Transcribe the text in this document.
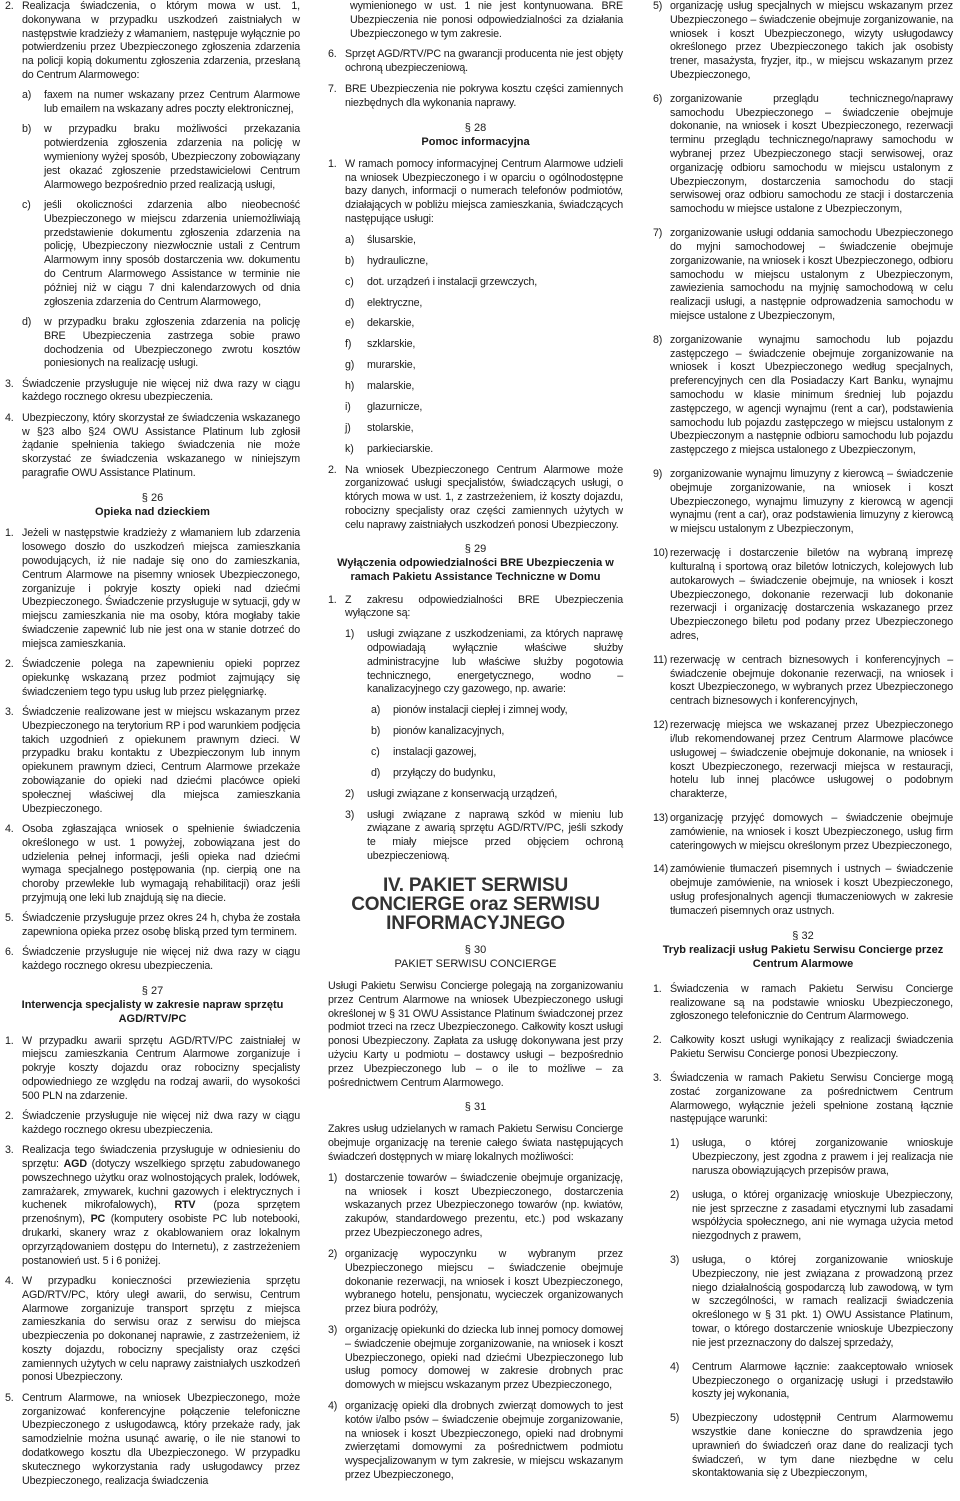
2. Realizacja świadczenia, o którym mowa w ust. 1, dokonywana w przypadku uszkodzeń zaistniałych w następstwie kradzieży z włamaniem, następuje wyłącznie po potwierdzeniu przez Ubezpieczonego zgłoszenia zdarzenia na policji kopią dokumentu zgłoszenia zdarzenia, przesłaną do Centrum Alarmowego:
a)	faxem na numer wskazany przez Centrum Alarmowe lub emailem na wskazany adres poczty elektronicznej,
b)	w przypadku braku możliwości przekazania potwierdzenia zgłoszenia zdarzenia na policję w wymieniony wyżej sposób, Ubezpieczony zobowiązany jest okazać zgłoszenie przedstawicielowi Centrum Alarmowego bezpośrednio przed realizacją usługi,
c)	jeśli okoliczności zdarzenia albo nieobecność Ubezpieczonego w miejscu zdarzenia uniemożliwiają przedstawienie dokumentu zgłoszenia zdarzenia na policję, Ubezpieczony niezwłocznie ustali z Centrum Alarmowym inny sposób dostarczenia ww. dokumentu do Centrum Alarmowego Assistance w terminie nie później niż w ciągu 7 dni kalendarzowych od dnia zgłoszenia zdarzenia do Centrum Alarmowego,
d)	w przypadku braku zgłoszenia zdarzenia na policję BRE Ubezpieczenia zastrzega sobie prawo dochodzenia od Ubezpieczonego zwrotu kosztów poniesionych na realizację usługi.
3. Świadczenie przysługuje nie więcej niż dwa razy w ciągu każdego rocznego okresu ubezpieczenia.
4. Ubezpieczony, który skorzystał ze świadczenia wskazanego w §23 albo §24 OWU Assistance Platinum lub zgłosił żądanie spełnienia takiego świadczenia nie może skorzystać ze świadczenia wskazanego w niniejszym paragrafie OWU Assistance Platinum.
§ 26
Opieka nad dzieckiem
1. Jeżeli w następstwie kradzieży z włamaniem lub zdarzenia losowego doszło do uszkodzeń miejsca zamieszkania powodujących, iż nie nadaje się ono do zamieszkania, Centrum Alarmowe na pisemny wniosek Ubezpieczonego, zorganizuje i pokryje koszty opieki nad dziećmi Ubezpieczonego. Świadczenie przysługuje w sytuacji, gdy w miejscu zamieszkania nie ma osoby, która mogłaby takie świadczenie zapewnić lub nie jest ona w stanie dotrzeć do miejsca zamieszkania.
2. Świadczenie polega na zapewnieniu opieki poprzez opiekunkę wskazaną przez podmiot zajmujący się świadczeniem tego typu usług lub przez pielęgniarkę.
3. Świadczenie realizowane jest w miejscu wskazanym przez Ubezpieczonego na terytorium RP i pod warunkiem podjęcia takich uzgodnień z opiekunem prawnym dzieci. W przypadku braku kontaktu z Ubezpieczonym lub innym opiekunem prawnym dzieci, Centrum Alarmowe przekaże zobowiązanie do opieki nad dziećmi placówce opieki społecznej właściwej dla miejsca zamieszkania Ubezpieczonego.
4. Osoba zgłaszająca wniosek o spełnienie świadczenia określonego w ust. 1 powyżej, zobowiązana jest do udzielenia pełnej informacji, jeśli opieka nad dziećmi wymaga specjalnego postępowania (np. cierpią one na choroby przewlekłe lub wymagają rehabilitacji) oraz jeśli przyjmują one leki lub znajdują się na diecie.
5. Świadczenie przysługuje przez okres 24 h, chyba że została zapewniona opieka przez osobę bliską przed tym terminem.
6. Świadczenie przysługuje nie więcej niż dwa razy w ciągu każdego rocznego okresu ubezpieczenia.
§ 27
Interwencja specjalisty w zakresie napraw sprzętu AGD/RTV/PC
1. W przypadku awarii sprzętu AGD/RTV/PC zaistniałej w miejscu zamieszkania Centrum Alarmowe zorganizuje i pokryje koszty dojazdu oraz robocizny specjalisty odpowiedniego ze względu na rodzaj awarii, do wysokości 500 PLN na zdarzenie.
2. Świadczenie przysługuje nie więcej niż dwa razy w ciągu każdego rocznego okresu ubezpieczenia.
3. Realizacja tego świadczenia przysługuje w odniesieniu do sprzętu: AGD (dotyczy wszelkiego sprzętu zabudowanego powszechnego użytku oraz wolnostojących pralek, lodówek, zamrażarek, zmywarek, kuchni gazowych i elektrycznych i kuchenek mikrofalowych), RTV (poza sprzętem przenośnym), PC (komputery osobiste PC lub notebooki, drukarki, skanery wraz z okablowaniem oraz lokalnym oprzyrządowaniem dostępu do Internetu), z zastrzeżeniem postanowień ust. 5 i 6 poniżej.
4. W przypadku konieczności przewiezienia sprzętu AGD/RTV/PC, który uległ awarii, do serwisu, Centrum Alarmowe zorganizuje transport sprzętu z miejsca zamieszkania do serwisu oraz z serwisu do miejsca ubezpieczenia po dokonanej naprawie, z zastrzeżeniem, iż koszty dojazdu, robocizny specjalisty oraz części zamiennych użytych w celu naprawy zaistniałych uszkodzeń ponosi Ubezpieczony.
5. Centrum Alarmowe, na wniosek Ubezpieczonego, może zorganizować konferencyjne połączenie telefoniczne Ubezpieczonego z usługodawcą, który przekaże rady, jak samodzielnie można usunąć awarię, o ile nie stanowi to dodatkowego kosztu dla Ubezpieczonego. W przypadku skutecznego wykorzystania rady usługodawcy przez Ubezpieczonego, realizacja świadczenia
wymienionego w ust. 1 nie jest kontynuowana. BRE Ubezpieczenia nie ponosi odpowiedzialności za działania Ubezpieczonego w tym zakresie.
6. Sprzęt AGD/RTV/PC na gwarancji producenta nie jest objęty ochroną ubezpieczeniową.
7. BRE Ubezpieczenia nie pokrywa kosztu części zamiennych niezbędnych dla wykonania naprawy.
§ 28
Pomoc informacyjna
1. W ramach pomocy informacyjnej Centrum Alarmowe udzieli na wniosek Ubezpieczonego i w oparciu o ogólnodostępne bazy danych, informacji o numerach telefonów podmiotów, działających w pobliżu miejsca zamieszkania, świadczących następujące usługi:
a)	ślusarskie,
b)	hydrauliczne,
c)	dot. urządzeń i instalacji grzewczych,
d)	elektryczne,
e)	dekarskie,
f)	szklarskie,
g)	murarskie,
h)	malarskie,
i)	glazurnicze,
j)	stolarskie,
k)	parkieciarskie.
2. Na wniosek Ubezpieczonego Centrum Alarmowe może zorganizować usługi specjalistów, świadczących usługi, o których mowa w ust. 1, z zastrzeżeniem, iż koszty dojazdu, robocizny specjalisty oraz części zamiennych użytych w celu naprawy zaistniałych uszkodzeń ponosi Ubezpieczony.
§ 29
Wyłączenia odpowiedzialności BRE Ubezpieczenia w ramach Pakietu Assistance Techniczne w Domu
1. Z zakresu odpowiedzialności BRE Ubezpieczenia wyłączone są:
1)	usługi związane z uszkodzeniami, za których naprawę odpowiadają wyłącznie właściwe służby administracyjne lub właściwe służby pogotowia technicznego, energetycznego, wodno – kanalizacyjnego czy gazowego, np. awarie:
a)	pionów instalacji ciepłej i zimnej wody,
b)	pionów kanalizacyjnych,
c)	instalacji gazowej,
d)	przyłączy do budynku,
2)	usługi związane z konserwacją urządzeń,
3)	usługi związane z naprawą szkód w mieniu lub związane z awarią sprzętu AGD/RTV/PC, jeśli szkody te miały miejsce przed objęciem ochroną ubezpieczeniową.
IV. PAKIET SERWISU
CONCIERGE oraz SERWISU
INFORMACYJNEGO
§ 30
PAKIET SERWISU CONCIERGE
Usługi Pakietu Serwisu Concierge polegają na zorganizowaniu przez Centrum Alarmowe na wniosek Ubezpieczonego usługi określonej w § 31 OWU Assistance Platinum świadczonej przez podmiot trzeci na rzecz Ubezpieczonego. Całkowity koszt usługi ponosi Ubezpieczony. Zapłata za usługę dokonywana jest przy użyciu Karty u podmiotu – dostawcy usługi – bezpośrednio przez Ubezpieczonego lub – o ile to możliwe – za pośrednictwem Centrum Alarmowego.
§ 31
Zakres usług udzielanych w ramach Pakietu Serwisu Concierge obejmuje organizację na terenie całego świata następujących świadczeń dostępnych w miarę lokalnych możliwości:
1) dostarczenie towarów – świadczenie obejmuje organizację, na wniosek i koszt Ubezpieczonego, dostarczenia wskazanych przez Ubezpieczonego towarów (np. kwiatów, zakupów, standardowego prezentu, etc.) pod wskazany przez Ubezpieczonego adres,
2) organizację wypoczynku w wybranym przez Ubezpieczonego miejscu – świadczenie obejmuje dokonanie rezerwacji, na wniosek i koszt Ubezpieczonego, wybranego hotelu, pensjonatu, wycieczek organizowanych przez biura podróży,
3) organizację opiekunki do dziecka lub innej pomocy domowej – świadczenie obejmuje zorganizowanie, na wniosek i koszt Ubezpieczonego, opieki nad dziećmi Ubezpieczonego lub usług pomocy domowej w zakresie drobnych prac domowych w miejscu wskazanym przez Ubezpieczonego,
4) organizację opieki dla drobnych zwierząt domowych to jest kotów i/albo psów – świadczenie obejmuje zorganizowanie, na wniosek i koszt Ubezpieczonego, opieki nad drobnymi zwierzętami domowymi za pośrednictwem podmiotu wyspecjalizowanym w tym zakresie, w miejscu wskazanym przez Ubezpieczonego,
5) organizację usług specjalnych w miejscu wskazanym przez Ubezpieczonego – świadczenie obejmuje zorganizowanie, na wniosek i koszt Ubezpieczonego, wizyty usługodawcy określonego przez Ubezpieczonego takich jak osobisty trener, masażysta, fryzjer, itp., w miejscu wskazanym przez Ubezpieczonego,
6) zorganizowanie przeglądu technicznego/naprawy samochodu Ubezpieczonego – świadczenie obejmuje dokonanie, na wniosek i koszt Ubezpieczonego, rezerwacji terminu przeglądu technicznego/naprawy samochodu w wybranej przez Ubezpieczonego stacji serwisowej, oraz organizację odbioru samochodu w miejscu ustalonym z Ubezpieczonym, dostarczenia samochodu do stacji serwisowej oraz odbioru samochodu ze stacji i dostarczenia samochodu w miejsce ustalone z Ubezpieczonym,
7) zorganizowanie usługi oddania samochodu Ubezpieczonego do myjni samochodowej – świadczenie obejmuje zorganizowanie, na wniosek i koszt Ubezpieczonego, odbioru samochodu w miejscu ustalonym z Ubezpieczonym, zawiezienia samochodu na myjnię samochodową w celu realizacji usługi, a następnie odprowadzenia samochodu w miejsce ustalone z Ubezpieczonym,
8) zorganizowanie wynajmu samochodu lub pojazdu zastępczego – świadczenie obejmuje zorganizowanie na wniosek i koszt Ubezpieczonego według specjalnych, preferencyjnych cen dla Posiadaczy Kart Banku, wynajmu samochodu w klasie minimum średniej lub pojazdu zastępczego, w agencji wynajmu (rent a car), podstawienia samochodu lub pojazdu zastępczego w miejscu ustalonym z Ubezpieczonym a następnie odbioru samochodu lub pojazdu zastępczego z miejsca ustalonego z Ubezpieczonym,
9) zorganizowanie wynajmu limuzyny z kierowcą – świadczenie obejmuje zorganizowanie, na wniosek i koszt Ubezpieczonego, wynajmu limuzyny z kierowcą w agencji wynajmu (rent a car), oraz podstawienia limuzyny z kierowcą w miejscu ustalonym z Ubezpieczonym,
10) rezerwację i dostarczenie biletów na wybraną imprezę kulturalną i sportową oraz biletów lotniczych, kolejowych lub autokarowych – świadczenie obejmuje, na wniosek i koszt Ubezpieczonego, dokonanie rezerwacji lub dokonanie rezerwacji i organizację dostarczenia wskazanego przez Ubezpieczonego biletu pod podany przez Ubezpieczonego adres,
11) rezerwację w centrach biznesowych i konferencyjnych – świadczenie obejmuje dokonanie rezerwacji, na wniosek i koszt Ubezpieczonego, w wybranych przez Ubezpieczonego centrach biznesowych i konferencyjnych,
12) rezerwację miejsca we wskazanej przez Ubezpieczonego i/lub rekomendowanej przez Centrum Alarmowe placówce usługowej – świadczenie obejmuje dokonanie, na wniosek i koszt Ubezpieczonego, rezerwacji miejsca w restauracji, hotelu lub innej placówce usługowej o podobnym charakterze,
13) organizację przyjęć domowych – świadczenie obejmuje zamówienie, na wniosek i koszt Ubezpieczonego, usług firm cateringowych w miejscu określonym przez Ubezpieczonego,
14) zamówienie tłumaczeń pisemnych i ustnych – świadczenie obejmuje zamówienie, na wniosek i koszt Ubezpieczonego, usług profesjonalnych agencji tłumaczeniowych w zakresie tłumaczeń pisemnych oraz ustnych.
§ 32
Tryb realizacji usług Pakietu Serwisu Concierge przez Centrum Alarmowe
1. Świadczenia w ramach Pakietu Serwisu Concierge realizowane są na podstawie wniosku Ubezpieczonego, zgłoszonego telefonicznie do Centrum Alarmowego.
2. Całkowity koszt usługi wynikający z realizacji świadczenia Pakietu Serwisu Concierge ponosi Ubezpieczony.
3. Świadczenia w ramach Pakietu Serwisu Concierge mogą zostać zorganizowane za pośrednictwem Centrum Alarmowego, wyłącznie jeżeli spełnione zostaną łącznie następujące warunki:
1)	usługa, o której zorganizowanie wnioskuje Ubezpieczony, jest zgodna z prawem i jej realizacja nie narusza obowiązujących przepisów prawa,
2)	usługa, o której organizację wnioskuje Ubezpieczony, nie jest sprzeczne z zasadami etycznymi lub zasadami współżycia społecznego, ani nie wymaga użycia metod niezgodnych z prawem,
3)	usługa, o której zorganizowanie wnioskuje Ubezpieczony, nie jest związana z prowadzoną przez niego działalnością gospodarczą lub zawodową, w tym w szczególności, w ramach realizacji świadczenia określonego w § 31 pkt. 1) OWU Assistance Platinum, towar, o którego dostarczenie wnioskuje Ubezpieczony nie jest przeznaczony do dalszej sprzedaży,
4)	Centrum Alarmowe łącznie: zaakceptowało wniosek Ubezpieczonego o organizację usługi i przedstawiło koszty jej wykonania,
5)	Ubezpieczony udostępnił Centrum Alarmowemu wszystkie dane konieczne do sprawdzenia jego uprawnień do świadczeń oraz dane do realizacji tych świadczeń, w tym dane niezbędne w celu skontaktowania się z Ubezpieczonym,
